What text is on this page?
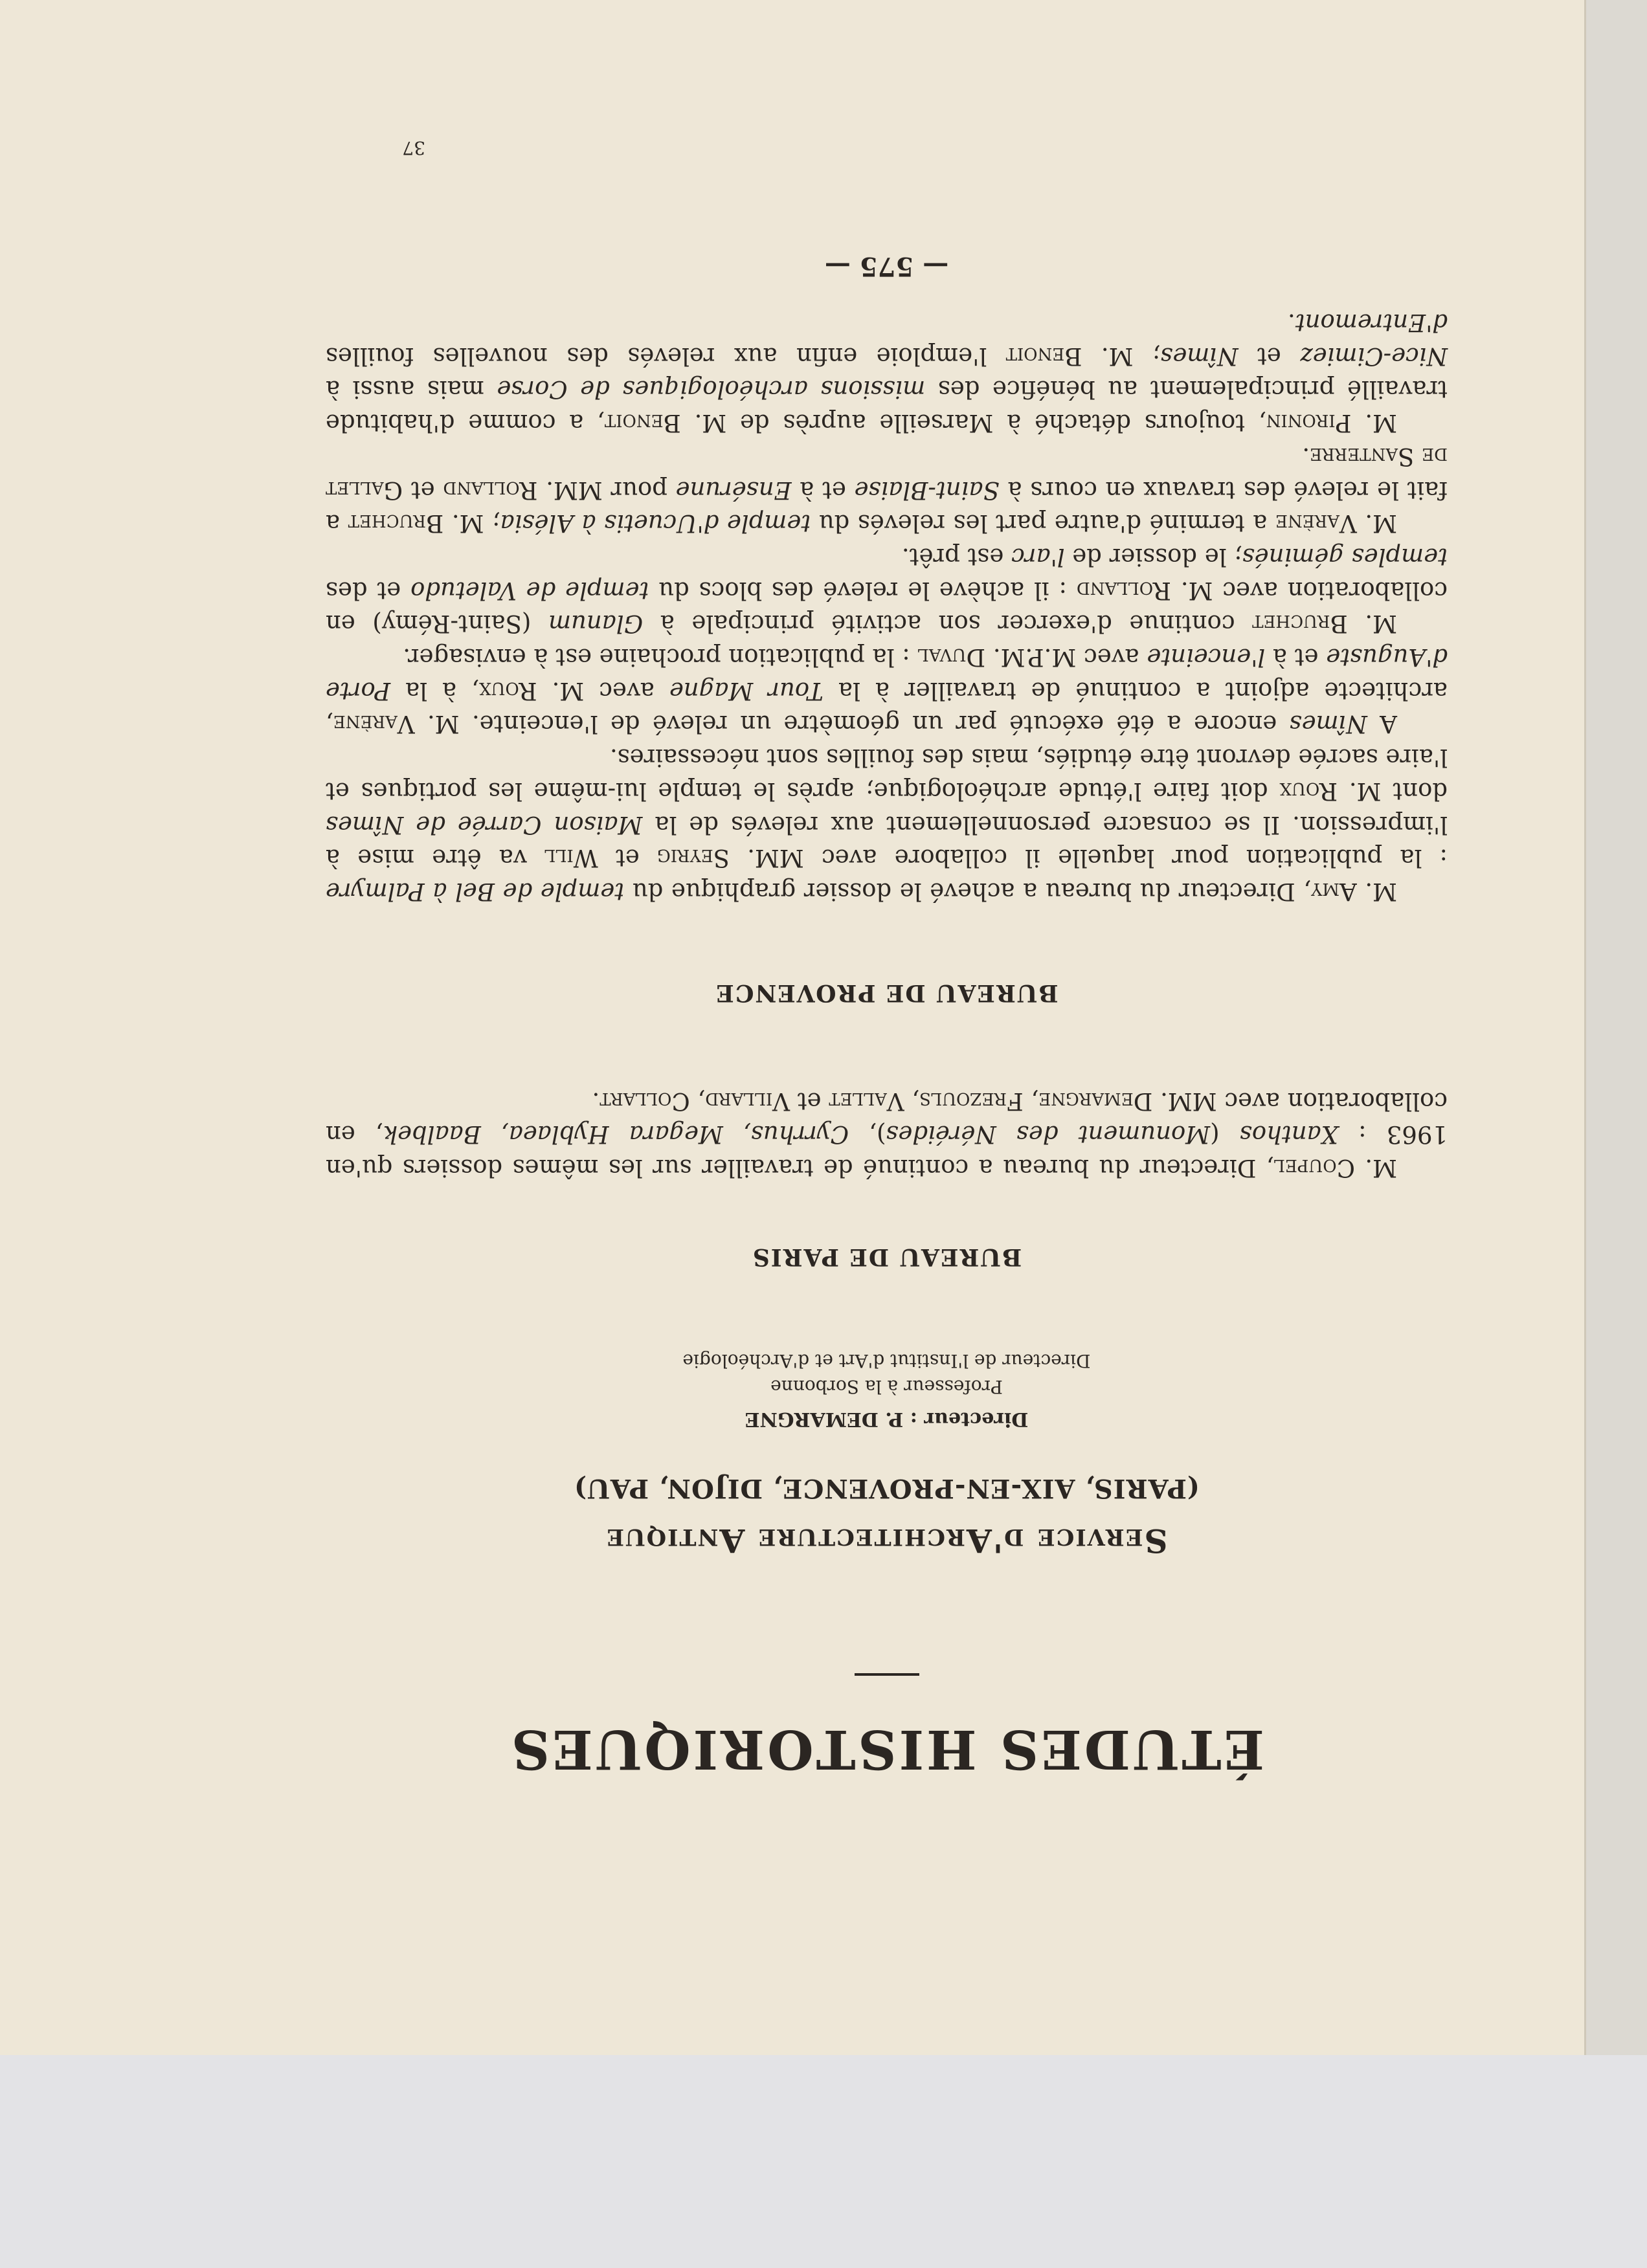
ÉTUDES HISTORIQUES
Service d'Architecture Antique
(PARIS, AIX-EN-PROVENCE, DIJON, PAU)
Directeur : P. DEMARGNE
Professeur à la Sorbonne
Directeur de l'Institut d'Art et d'Archéologie
BUREAU DE PARIS

M. Coupel, Directeur du bureau a continué de travailler sur les mêmes dossiers qu'en 1963 : Xanthos (Monument des Néréides), Cyrrhus, Megara Hyblaea, Baalbek, en collaboration avec MM. Demargne, Frezouls, Vallet et Villard, Collart.

BUREAU DE PROVENCE

M. Amy, Directeur du bureau a achevé le dossier graphique du temple de Bel à Palmyre : la publication pour laquelle il collabore avec MM. Seyrig et Will va être mise à l'impression. Il se consacre personnellement aux relevés de la Maison Carrée de Nîmes dont M. Roux doit faire l'étude archéologique; après le temple lui-même les portiques et l'aire sacrée devront être étudiés, mais des fouilles sont nécessaires.

A Nîmes encore a été exécuté par un géomètre un relevé de l'enceinte. M. Varène, architecte adjoint a continué de travailler à la Tour Magne avec M. Roux, à la Porte d'Auguste et à l'enceinte avec M.P.M. Duval : la publication prochaine est à envisager.

M. Bruchet continue d'exercer son activité principale à Glanum (Saint-Rémy) en collaboration avec M. Rolland : il achève le relevé des blocs du temple de Valetudo et des temples géminés; le dossier de l'arc est prêt.

M. Varène a terminé d'autre part les relevés du temple d'Ucuetis à Alésia; M. Bruchet a fait le relevé des travaux en cours à Saint-Blaise et à Ensérune pour MM. Rolland et Gallet de Santerre.

M. Pironin, toujours détaché à Marseille auprès de M. Benoit, a comme d'habitude travaillé principalement au bénéfice des missions archéologiques de Corse mais aussi à Nice-Cimiez et Nîmes; M. Benoit l'emploie enfin aux relevés des nouvelles fouilles d'Entremont.

— 575 —
37
